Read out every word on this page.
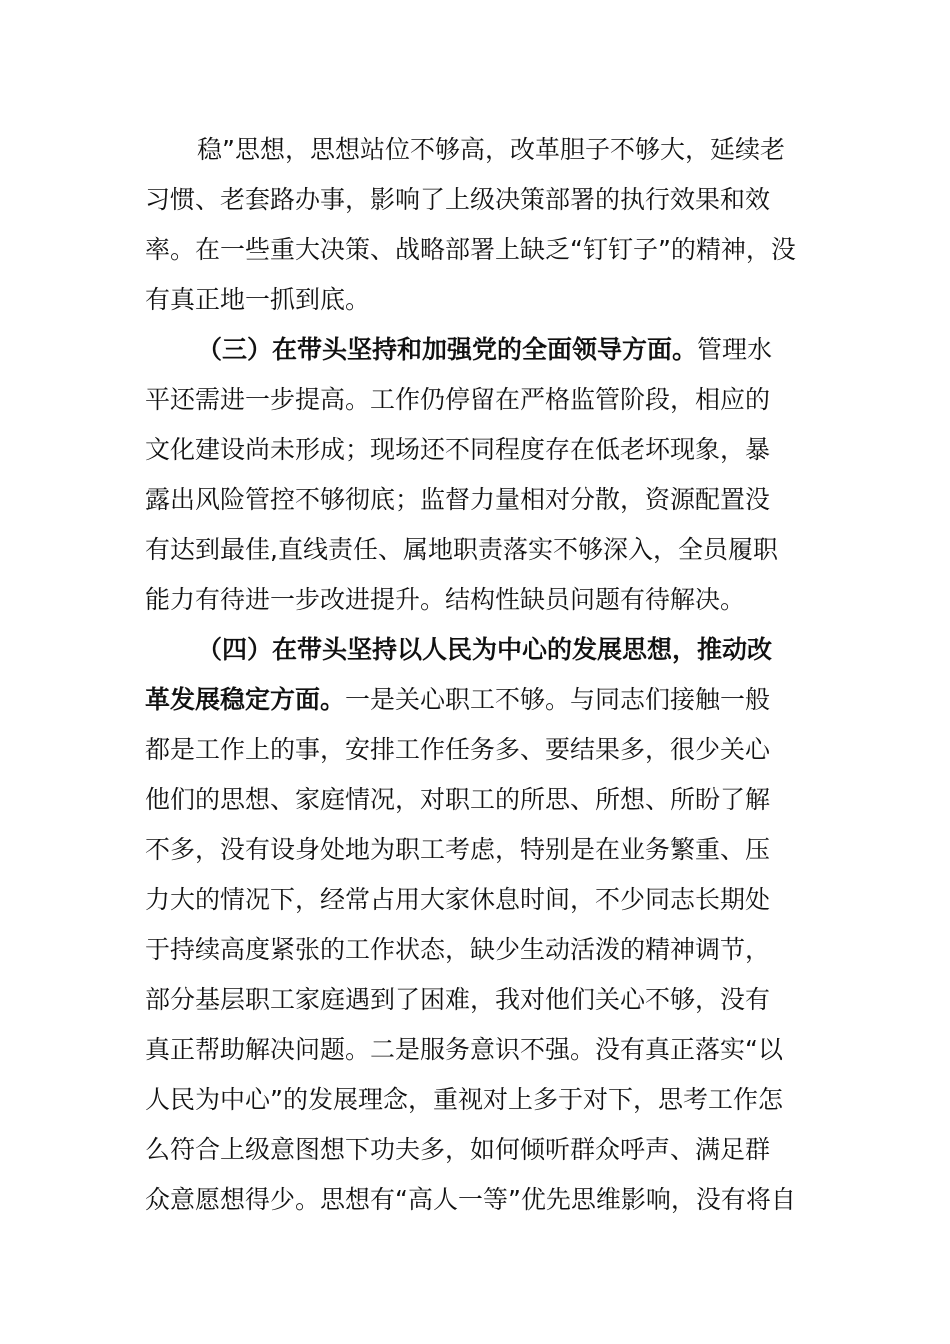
稳”思想，思想站位不够高，改革胆子不够大，延续老
习惯、老套路办事，影响了上级决策部署的执行效果和效
率。在一些重大决策、战略部署上缺乏“钉钉子”的精神，没
有真正地一抓到底。
（三）在带头坚持和加强党的全面领导方面。管理水
平还需进一步提高。工作仍停留在严格监管阶段，相应的
文化建设尚未形成；现场还不同程度存在低老坏现象，暴
露出风险管控不够彻底；监督力量相对分散，资源配置没
有达到最佳,直线责任、属地职责落实不够深入，全员履职
能力有待进一步改进提升。结构性缺员问题有待解决。
（四）在带头坚持以人民为中心的发展思想，推动改
革发展稳定方面。一是关心职工不够。与同志们接触一般
都是工作上的事，安排工作任务多、要结果多，很少关心
他们的思想、家庭情况，对职工的所思、所想、所盼了解
不多，没有设身处地为职工考虑，特别是在业务繁重、压
力大的情况下，经常占用大家休息时间，不少同志长期处
于持续高度紧张的工作状态，缺少生动活泼的精神调节，
部分基层职工家庭遇到了困难，我对他们关心不够，没有
真正帮助解决问题。二是服务意识不强。没有真正落实“以
人民为中心”的发展理念，重视对上多于对下，思考工作怎
么符合上级意图想下功夫多，如何倾听群众呼声、满足群
众意愿想得少。思想有“高人一等”优先思维影响，没有将自
